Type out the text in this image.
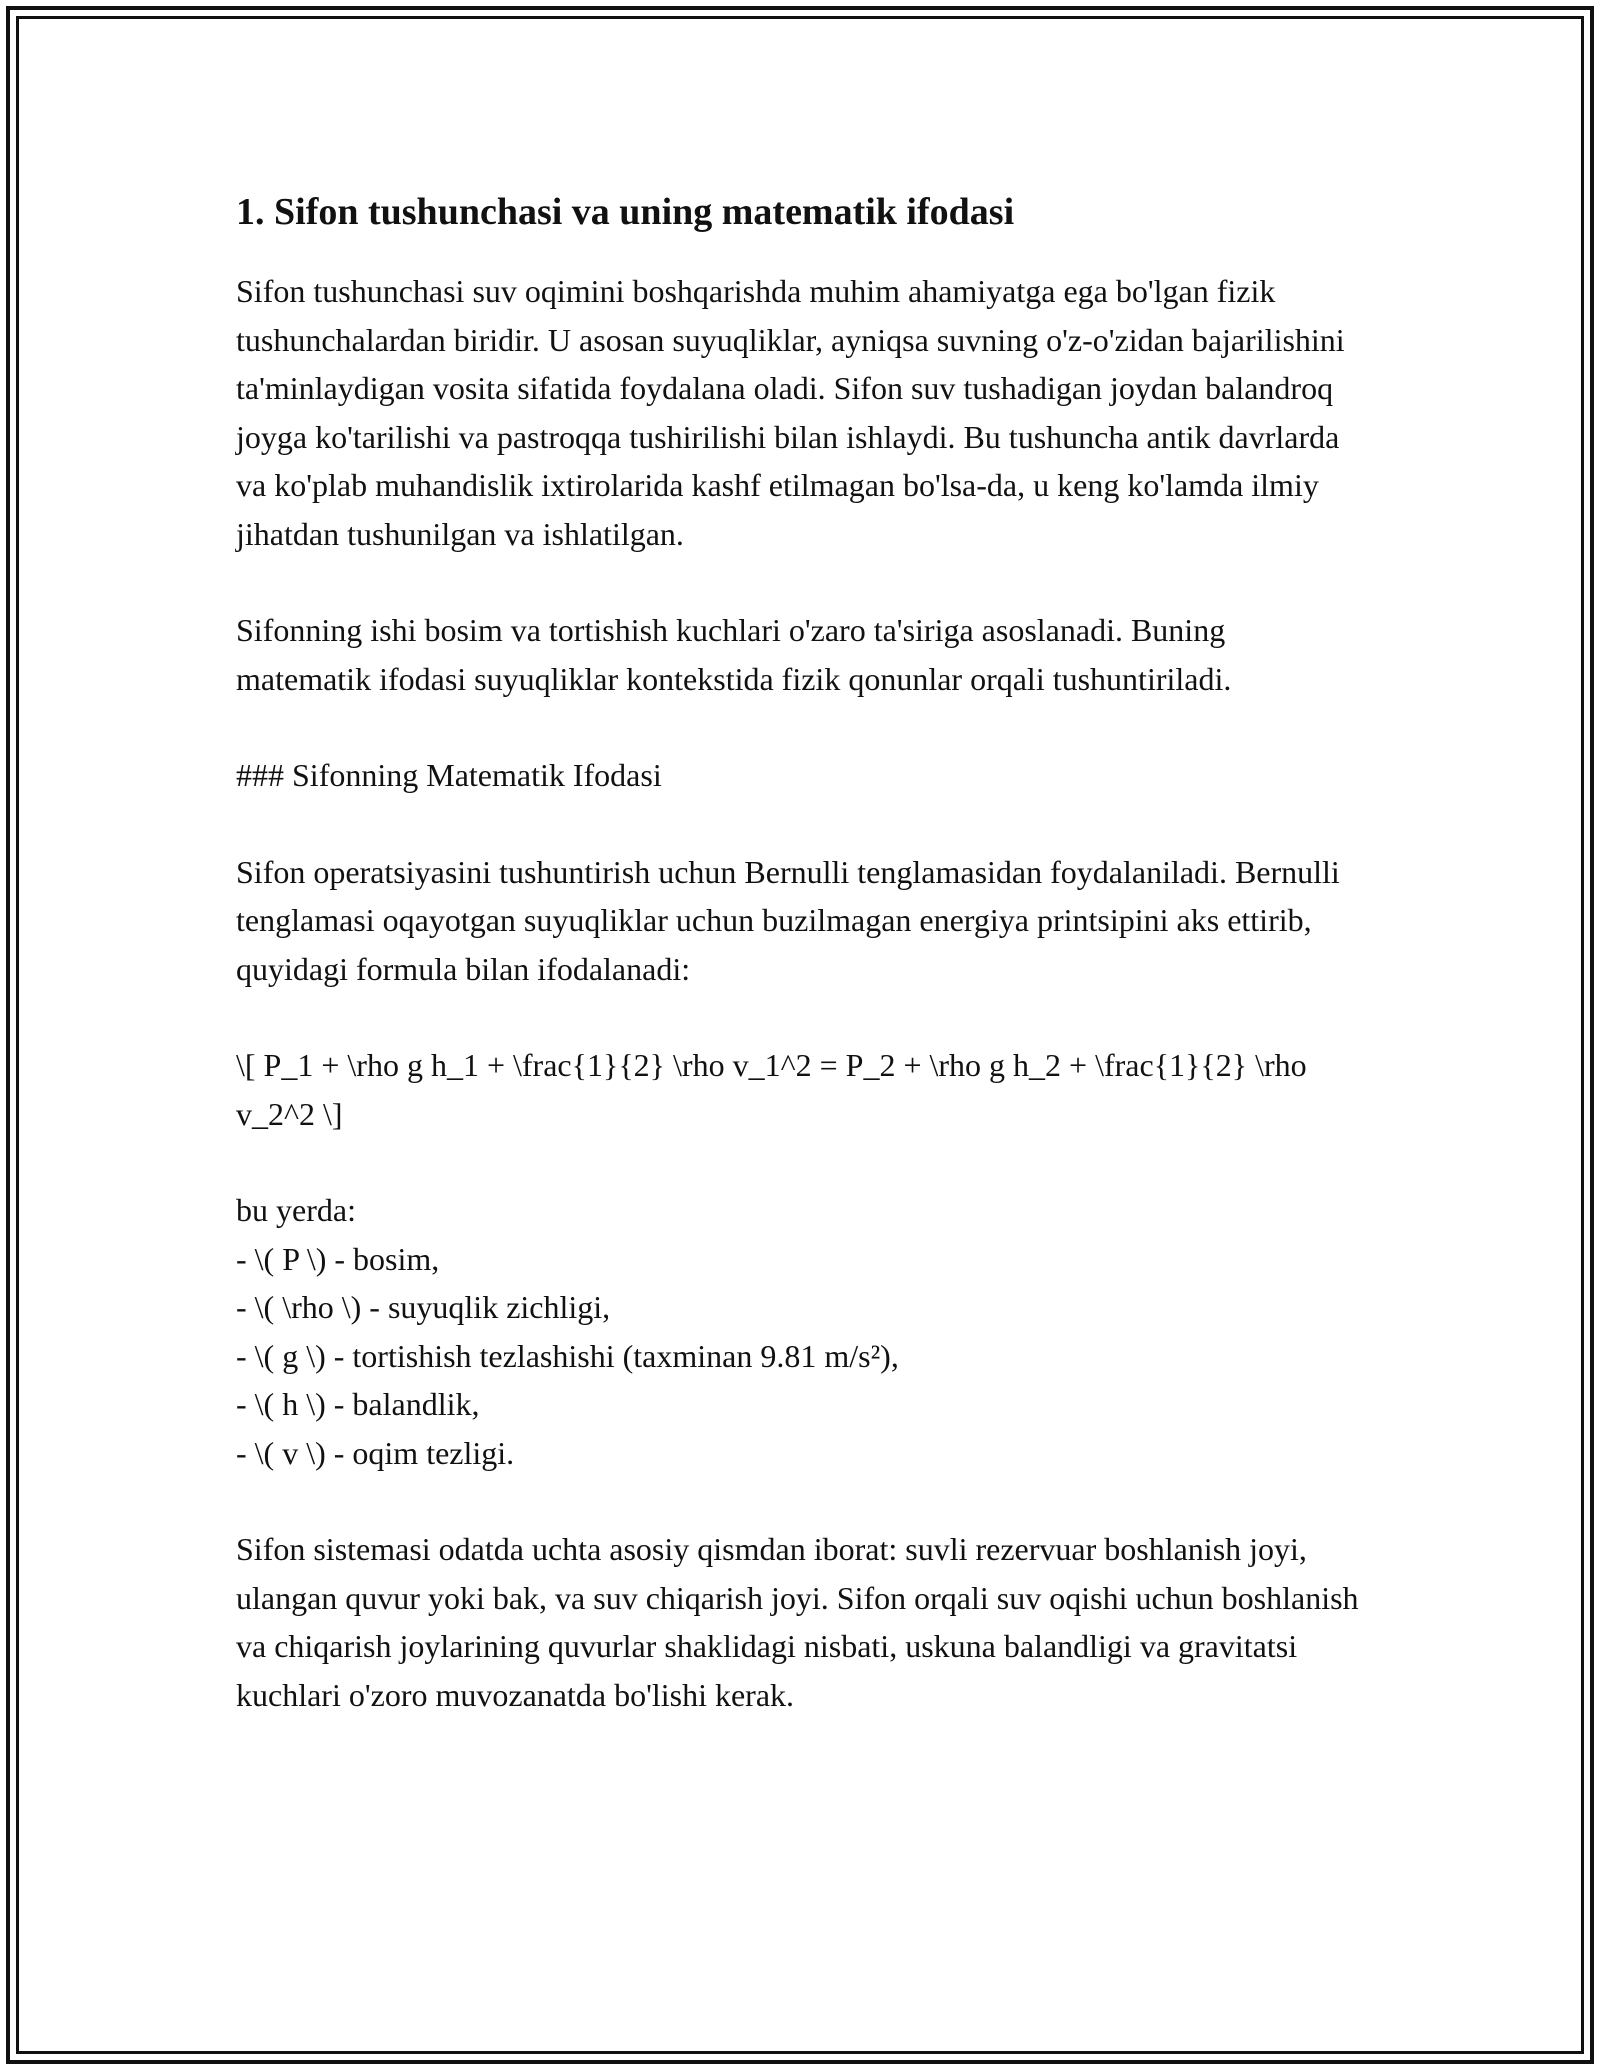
1. Sifon tushunchasi va uning matematik ifodasi

Sifon tushunchasi suv oqimini boshqarishda muhim ahamiyatga ega bo'lgan fizik tushunchalardan biridir. U asosan suyuqliklar, ayniqsa suvning o'z-o'zidan bajarilishini ta'minlaydigan vosita sifatida foydalana oladi. Sifon suv tushadigan joydan balandroq joyga ko'tarilishi va pastroqqa tushirilishi bilan ishlaydi. Bu tushuncha antik davrlarda va ko'plab muhandislik ixtirolarida kashf etilmagan bo'lsa-da, u keng ko'lamda ilmiy jihatdan tushunilgan va ishlatilgan.

Sifonning ishi bosim va tortishish kuchlari o'zaro ta'siriga asoslanadi. Buning matematik ifodasi suyuqliklar kontekstida fizik qonunlar orqali tushuntiriladi.

### Sifonning Matematik Ifodasi

Sifon operatsiyasini tushuntirish uchun Bernulli tenglamasidan foydalaniladi. Bernulli tenglamasi oqayotgan suyuqliklar uchun buzilmagan energiya printsipini aks ettirib, quyidagi formula bilan ifodalanadi:

\[ P_1 + \rho g h_1 + \frac{1}{2} \rho v_1^2 = P_2 + \rho g h_2 + \frac{1}{2} \rho v_2^2 \]

bu yerda:
- \( P \) - bosim,
- \( \rho \) - suyuqlik zichligi,
- \( g \) - tortishish tezlashishi (taxminan 9.81 m/s²),
- \( h \) - balandlik,
- \( v \) - oqim tezligi.

Sifon sistemasi odatda uchta asosiy qismdan iborat: suvli rezervuar boshlanish joyi, ulangan quvur yoki bak, va suv chiqarish joyi. Sifon orqali suv oqishi uchun boshlanish va chiqarish joylarining quvurlar shaklidagi nisbati, uskuna balandligi va gravitatsi kuchlari o'zoro muvozanatda bo'lishi kerak.
